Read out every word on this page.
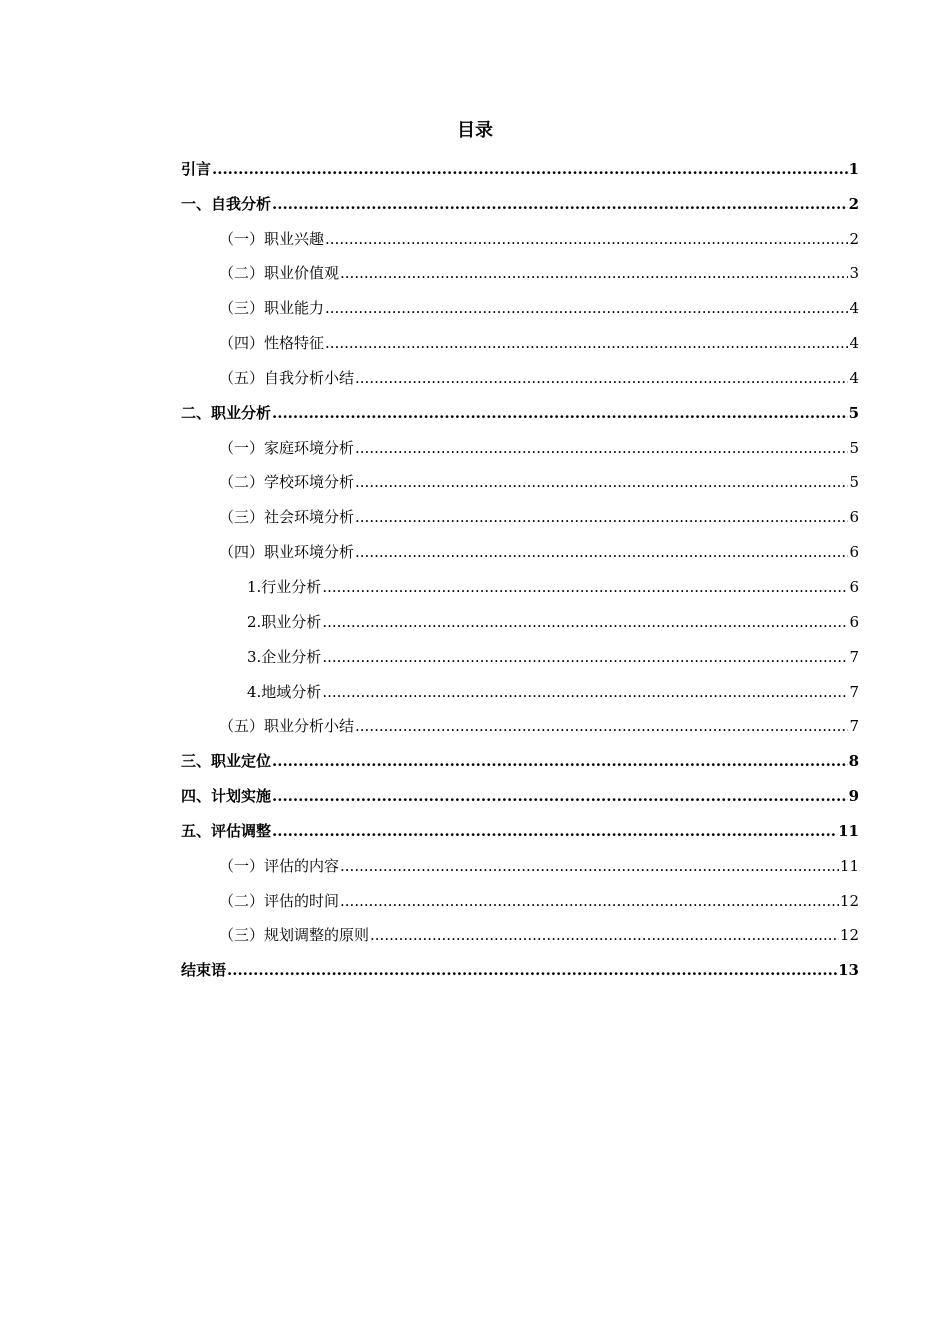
目录
引言 .....	1
一、自我分析 .....	2
（一）职业兴趣 .....	2
（二）职业价值观 .....	3
（三）职业能力 .....	4
（四）性格特征 .....	4
（五）自我分析小结 .....	4
二、职业分析 .....	5
（一）家庭环境分析 .....	5
（二）学校环境分析 .....	5
（三）社会环境分析 .....	6
（四）职业环境分析 .....	6
1.行业分析 .....	6
2.职业分析 .....	6
3.企业分析 .....	7
4.地域分析 .....	7
（五）职业分析小结 .....	7
三、职业定位 .....	8
四、计划实施 .....	9
五、评估调整 .....	11
（一）评估的内容 .....	11
（二）评估的时间 .....	12
（三）规划调整的原则 .....	12
结束语 .....	13
